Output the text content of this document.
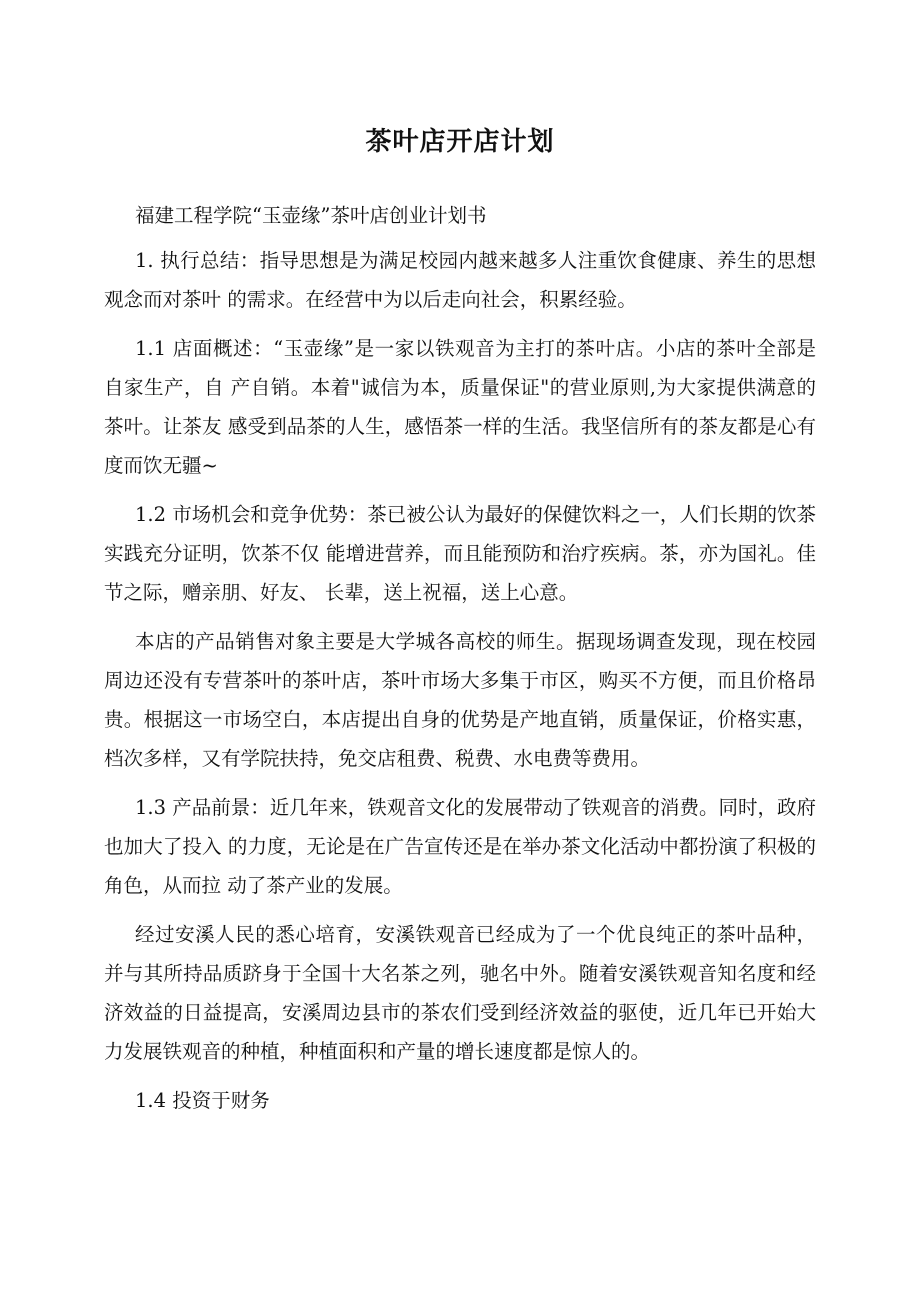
茶叶店开店计划

福建工程学院“玉壶缘”茶叶店创业计划书

1. 执行总结：指导思想是为满足校园内越来越多人注重饮食健康、养生的思想观念而对茶叶 的需求。在经营中为以后走向社会，积累经验。

1.1 店面概述：“玉壶缘”是一家以铁观音为主打的茶叶店。小店的茶叶全部是自家生产，自 产自销。本着"诚信为本，质量保证"的营业原则,为大家提供满意的茶叶。让茶友 感受到品茶的人生，感悟茶一样的生活。我坚信所有的茶友都是心有度而饮无疆~

1.2 市场机会和竞争优势：茶已被公认为最好的保健饮料之一，人们长期的饮茶实践充分证明，饮茶不仅 能增进营养，而且能预防和治疗疾病。茶，亦为国礼。佳节之际，赠亲朋、好友、 长辈，送上祝福，送上心意。

本店的产品销售对象主要是大学城各高校的师生。据现场调查发现，现在校园周边还没有专营茶叶的茶叶店，茶叶市场大多集于市区，购买不方便，而且价格昂贵。根据这一市场空白，本店提出自身的优势是产地直销，质量保证，价格实惠，档次多样，又有学院扶持，免交店租费、税费、水电费等费用。

1.3 产品前景：近几年来，铁观音文化的发展带动了铁观音的消费。同时，政府也加大了投入 的力度，无论是在广告宣传还是在举办茶文化活动中都扮演了积极的角色，从而拉 动了茶产业的发展。

经过安溪人民的悉心培育，安溪铁观音已经成为了一个优良纯正的茶叶品种，并与其所持品质跻身于全国十大名茶之列，驰名中外。随着安溪铁观音知名度和经济效益的日益提高，安溪周边县市的茶农们受到经济效益的驱使，近几年已开始大力发展铁观音的种植，种植面积和产量的增长速度都是惊人的。

1.4 投资于财务
